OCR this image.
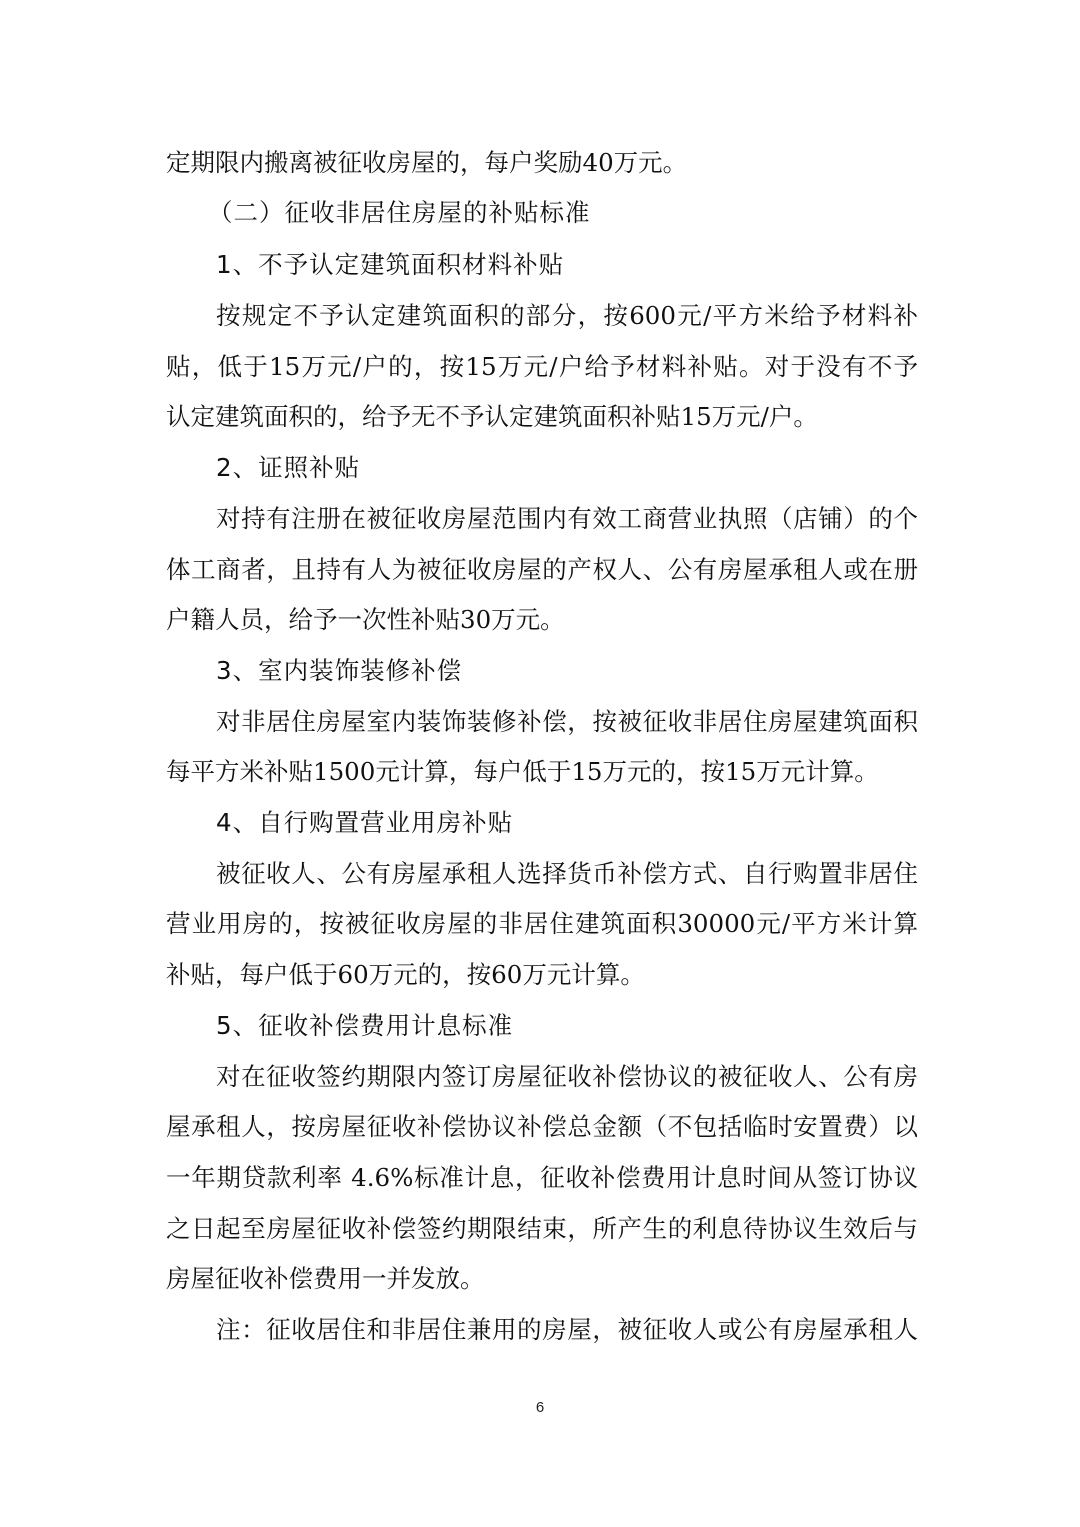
定期限内搬离被征收房屋的，每户奖励40万元。
（二）征收非居住房屋的补贴标准
1、不予认定建筑面积材料补贴
按规定不予认定建筑面积的部分，按600元/平方米给予材料补
贴，低于15万元/户的，按15万元/户给予材料补贴。对于没有不予
认定建筑面积的，给予无不予认定建筑面积补贴15万元/户。
2、证照补贴
对持有注册在被征收房屋范围内有效工商营业执照（店铺）的个
体工商者，且持有人为被征收房屋的产权人、公有房屋承租人或在册
户籍人员，给予一次性补贴30万元。
3、室内装饰装修补偿
对非居住房屋室内装饰装修补偿，按被征收非居住房屋建筑面积
每平方米补贴1500元计算，每户低于15万元的，按15万元计算。
4、自行购置营业用房补贴
被征收人、公有房屋承租人选择货币补偿方式、自行购置非居住
营业用房的，按被征收房屋的非居住建筑面积30000元/平方米计算
补贴，每户低于60万元的，按60万元计算。
5、征收补偿费用计息标准
对在征收签约期限内签订房屋征收补偿协议的被征收人、公有房
屋承租人，按房屋征收补偿协议补偿总金额（不包括临时安置费）以
一年期贷款利率 4.6%标准计息，征收补偿费用计息时间从签订协议
之日起至房屋征收补偿签约期限结束，所产生的利息待协议生效后与
房屋征收补偿费用一并发放。
注：征收居住和非居住兼用的房屋，被征收人或公有房屋承租人
6
